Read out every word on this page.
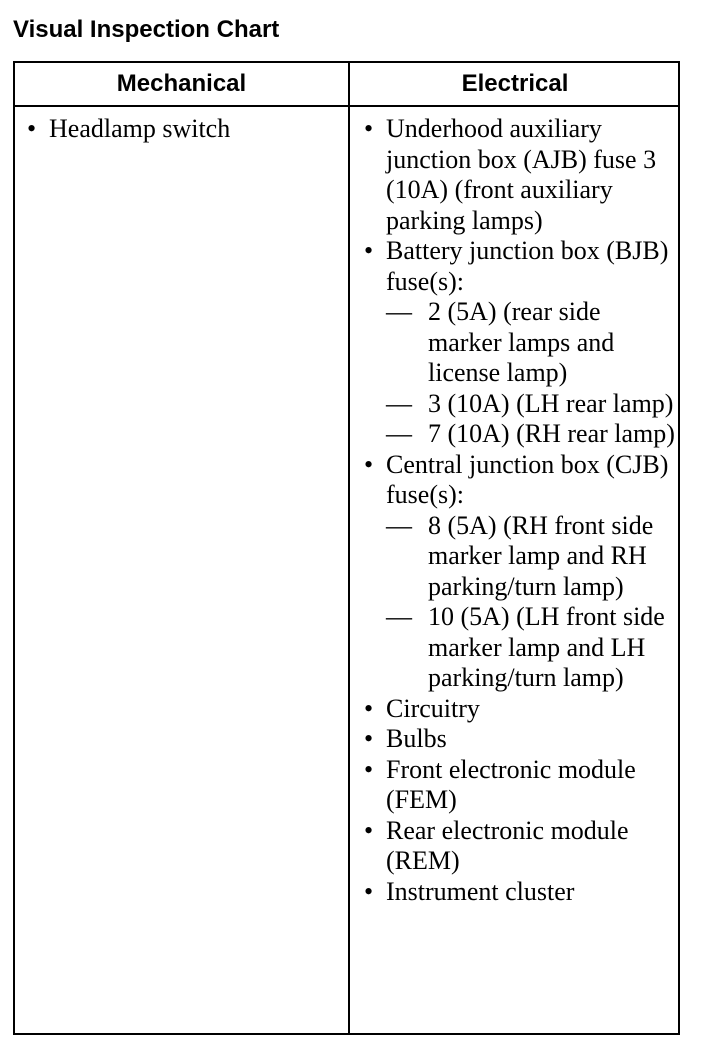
Visual Inspection Chart
Mechanical	Electrical
• Headlamp switch	• Underhood auxiliary junction box (AJB) fuse 3 (10A) (front auxiliary parking lamps)
• Battery junction box (BJB) fuse(s):
— 2 (5A) (rear side marker lamps and license lamp)
— 3 (10A) (LH rear lamp)
— 7 (10A) (RH rear lamp)
• Central junction box (CJB) fuse(s):
— 8 (5A) (RH front side marker lamp and RH parking/turn lamp)
— 10 (5A) (LH front side marker lamp and LH parking/turn lamp)
• Circuitry
• Bulbs
• Front electronic module (FEM)
• Rear electronic module (REM)
• Instrument cluster
